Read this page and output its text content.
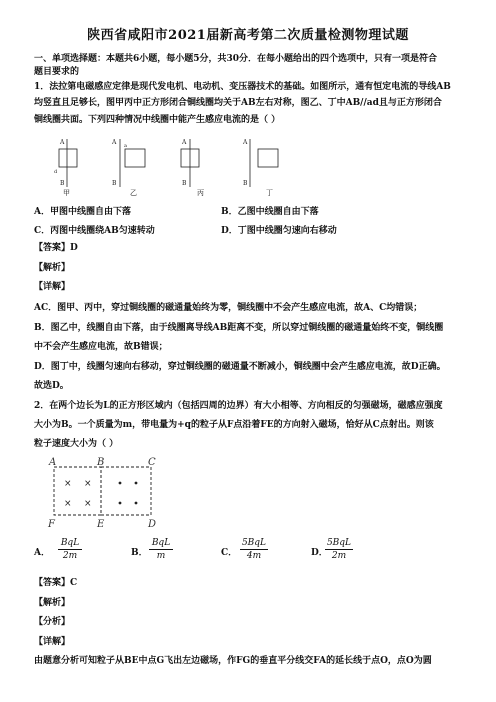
陕西省咸阳市2021届新高考第二次质量检测物理试题
一、单项选择题：本题共6小题，每小题5分，共30分．在每小题给出的四个选项中，只有一项是符合
题目要求的
1．法拉第电磁感应定律是现代发电机、电动机、变压器技术的基础。如图所示，通有恒定电流的导线AB
均竖直且足够长，图甲丙中正方形闭合铜线圈均关于AB左右对称，图乙、丁中AB//ad且与正方形闭合
铜线圈共面。下列四种情况中线圈中能产生感应电流的是（ ）
A
B
d
A
B
a	A
B
A
B
甲	乙	丙	丁
A．甲图中线圈自由下落	B．乙图中线圈自由下落
C．丙图中线圈绕AB匀速转动	D．丁图中线圈匀速向右移动
【答案】D
【解析】
【详解】
AC．图甲、丙中，穿过铜线圈的磁通量始终为零，铜线圈中不会产生感应电流，故A、C均错误；
B．图乙中，线圈自由下落，由于线圈离导线AB距离不变，所以穿过铜线圈的磁通量始终不变，铜线圈
中不会产生感应电流，故B错误；
D．图丁中，线圈匀速向右移动，穿过铜线圈的磁通量不断减小，铜线圈中会产生感应电流，故D正确。
故选D。
2．在两个边长为L的正方形区域内（包括四周的边界）有大小相等、方向相反的匀强磁场，磁感应强度
大小为B。一个质量为m，带电量为+q的粒子从F点沿着FE的方向射入磁场，恰好从C点射出。则该
粒子速度大小为（ ）
× ×
× ×
A	B	C
D
E
F
A．
BqL
2m	B．
BqL
m	C．
5BqL
4m	D．
5BqL
2m
【答案】C
【解析】
【分析】
【详解】
由题意分析可知粒子从BE中点G飞出左边磁场，作FG的垂直平分线交FA的延长线于点O，点O为圆
